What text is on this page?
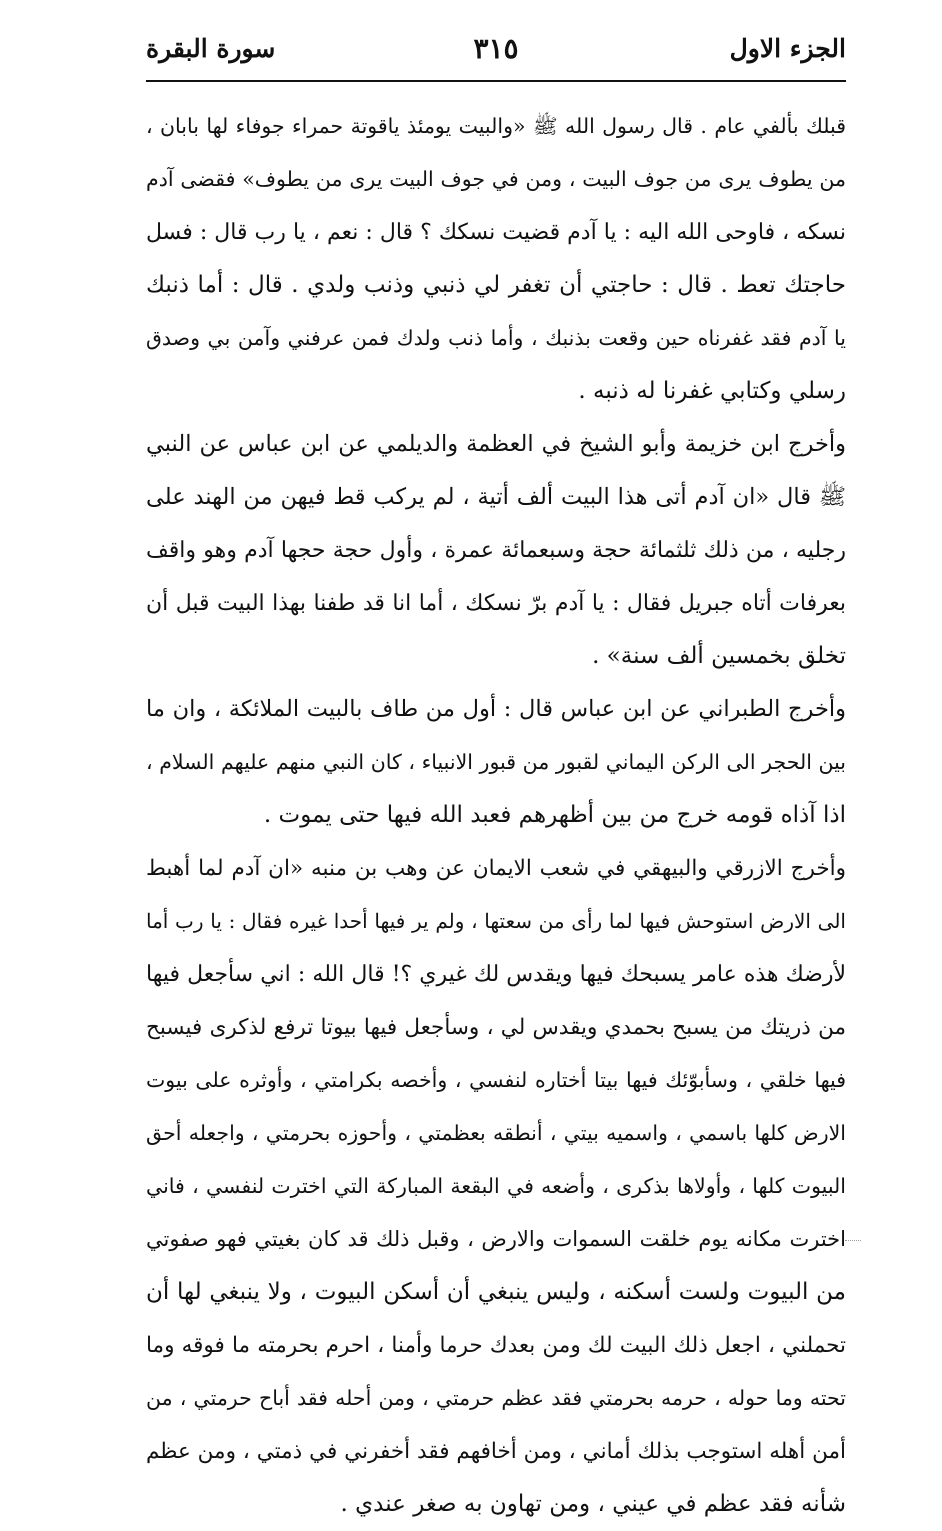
الجزء الاول
٣١٥
سورة البقرة
قبلك بألفي عام . قال رسول الله ﷺ «والبيت يومئذ ياقوتة حمراء جوفاء لها بابان ،
من يطوف يرى من جوف البيت ، ومن في جوف البيت يرى من يطوف» فقضى آدم
نسكه ، فاوحى الله اليه : يا آدم قضيت نسكك ؟ قال : نعم ، يا رب قال : فسل
حاجتك تعط . قال : حاجتي أن تغفر لي ذنبي وذنب ولدي . قال : أما ذنبك
يا آدم فقد غفرناه حين وقعت بذنبك ، وأما ذنب ولدك فمن عرفني وآمن بي وصدق
رسلي وكتابي غفرنا له ذنبه .
وأخرج ابن خزيمة وأبو الشيخ في العظمة والديلمي عن ابن عباس عن النبي
ﷺ قال «ان آدم أتى هذا البيت ألف أتية ، لم يركب قط فيهن من الهند على
رجليه ، من ذلك ثلثمائة حجة وسبعمائة عمرة ، وأول حجة حجها آدم وهو واقف
بعرفات أتاه جبريل فقال : يا آدم برّ نسكك ، أما انا قد طفنا بهذا البيت قبل أن
تخلق بخمسين ألف سنة» .
وأخرج الطبراني عن ابن عباس قال : أول من طاف بالبيت الملائكة ، وان ما
بين الحجر الى الركن اليماني لقبور من قبور الانبياء ، كان النبي منهم عليهم السلام ،
اذا آذاه قومه خرج من بين أظهرهم فعبد الله فيها حتى يموت .
وأخرج الازرقي والبيهقي في شعب الايمان عن وهب بن منبه «ان آدم لما أهبط
الى الارض استوحش فيها لما رأى من سعتها ، ولم ير فيها أحدا غيره فقال : يا رب أما
لأرضك هذه عامر يسبحك فيها ويقدس لك غيري ؟! قال الله : اني سأجعل فيها
من ذريتك من يسبح بحمدي ويقدس لي ، وسأجعل فيها بيوتا ترفع لذكرى فيسبح
فيها خلقي ، وسأبوّئك فيها بيتا أختاره لنفسي ، وأخصه بكرامتي ، وأوثره على بيوت
الارض كلها باسمي ، واسميه بيتي ، أنطقه بعظمتي ، وأحوزه بحرمتي ، واجعله أحق
البيوت كلها ، وأولاها بذكرى ، وأضعه في البقعة المباركة التي اخترت لنفسي ، فاني
اخترت مكانه يوم خلقت السموات والارض ، وقبل ذلك قد كان بغيتي فهو صفوتي
من البيوت ولست أسكنه ، وليس ينبغي أن أسكن البيوت ، ولا ينبغي لها أن
تحملني ، اجعل ذلك البيت لك ومن بعدك حرما وأمنا ، احرم بحرمته ما فوقه وما
تحته وما حوله ، حرمه بحرمتي فقد عظم حرمتي ، ومن أحله فقد أباح حرمتي ، من
أمن أهله استوجب بذلك أماني ، ومن أخافهم فقد أخفرني في ذمتي ، ومن عظم
شأنه فقد عظم في عيني ، ومن تهاون به صغر عندي .
